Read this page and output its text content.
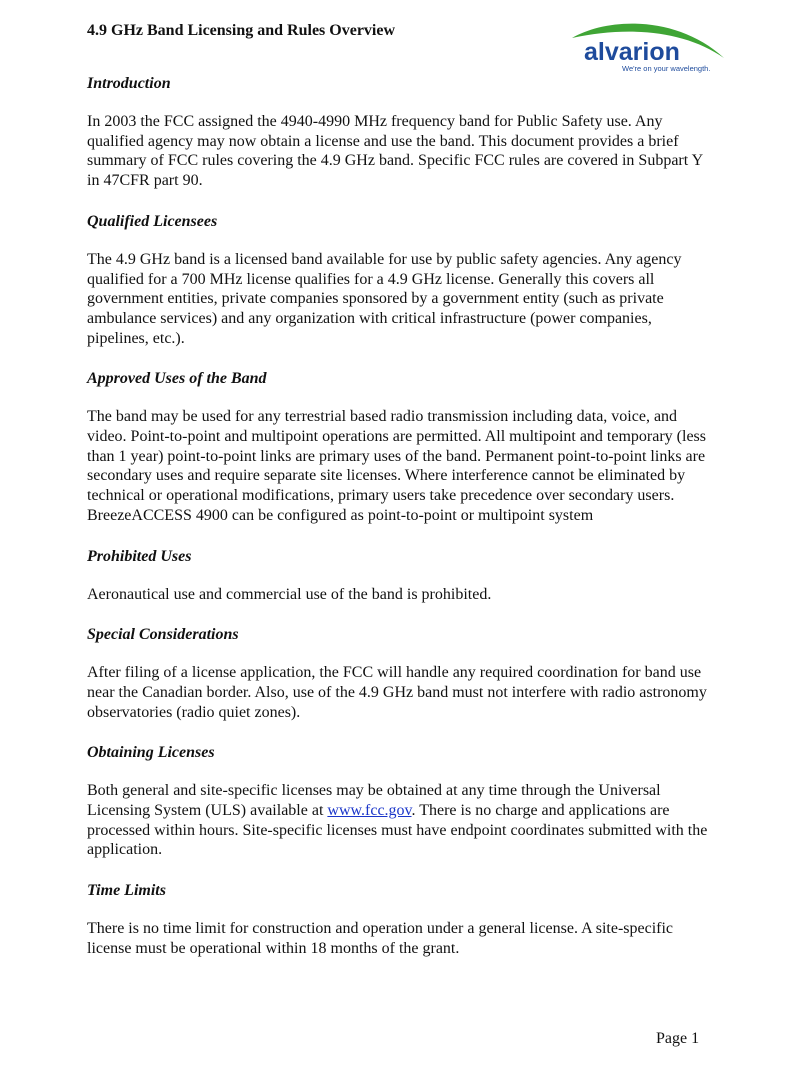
4.9 GHz Band Licensing and Rules Overview
alvarion
We're on your wavelength.
Introduction

In 2003 the FCC assigned the 4940-4990 MHz frequency band for Public Safety use. Any qualified agency may now obtain a license and use the band. This document provides a brief summary of FCC rules covering the 4.9 GHz band. Specific FCC rules are covered in Subpart Y in 47CFR part 90.

Qualified Licensees

The 4.9 GHz band is a licensed band available for use by public safety agencies. Any agency qualified for a 700 MHz license qualifies for a 4.9 GHz license. Generally this covers all government entities, private companies sponsored by a government entity (such as private ambulance services) and any organization with critical infrastructure (power companies, pipelines, etc.).

Approved Uses of the Band

The band may be used for any terrestrial based radio transmission including data, voice, and video. Point-to-point and multipoint operations are permitted. All multipoint and temporary (less than 1 year) point-to-point links are primary uses of the band. Permanent point-to-point links are secondary uses and require separate site licenses. Where interference cannot be eliminated by technical or operational modifications, primary users take precedence over secondary users. BreezeACCESS 4900 can be configured as point-to-point or multipoint system

Prohibited Uses

Aeronautical use and commercial use of the band is prohibited.

Special Considerations

After filing of a license application, the FCC will handle any required coordination for band use near the Canadian border. Also, use of the 4.9 GHz band must not interfere with radio astronomy observatories (radio quiet zones).

Obtaining Licenses

Both general and site-specific licenses may be obtained at any time through the Universal Licensing System (ULS) available at www.fcc.gov. There is no charge and applications are processed within hours. Site-specific licenses must have endpoint coordinates submitted with the application.

Time Limits

There is no time limit for construction and operation under a general license. A site-specific license must be operational within 18 months of the grant.

Page 1
